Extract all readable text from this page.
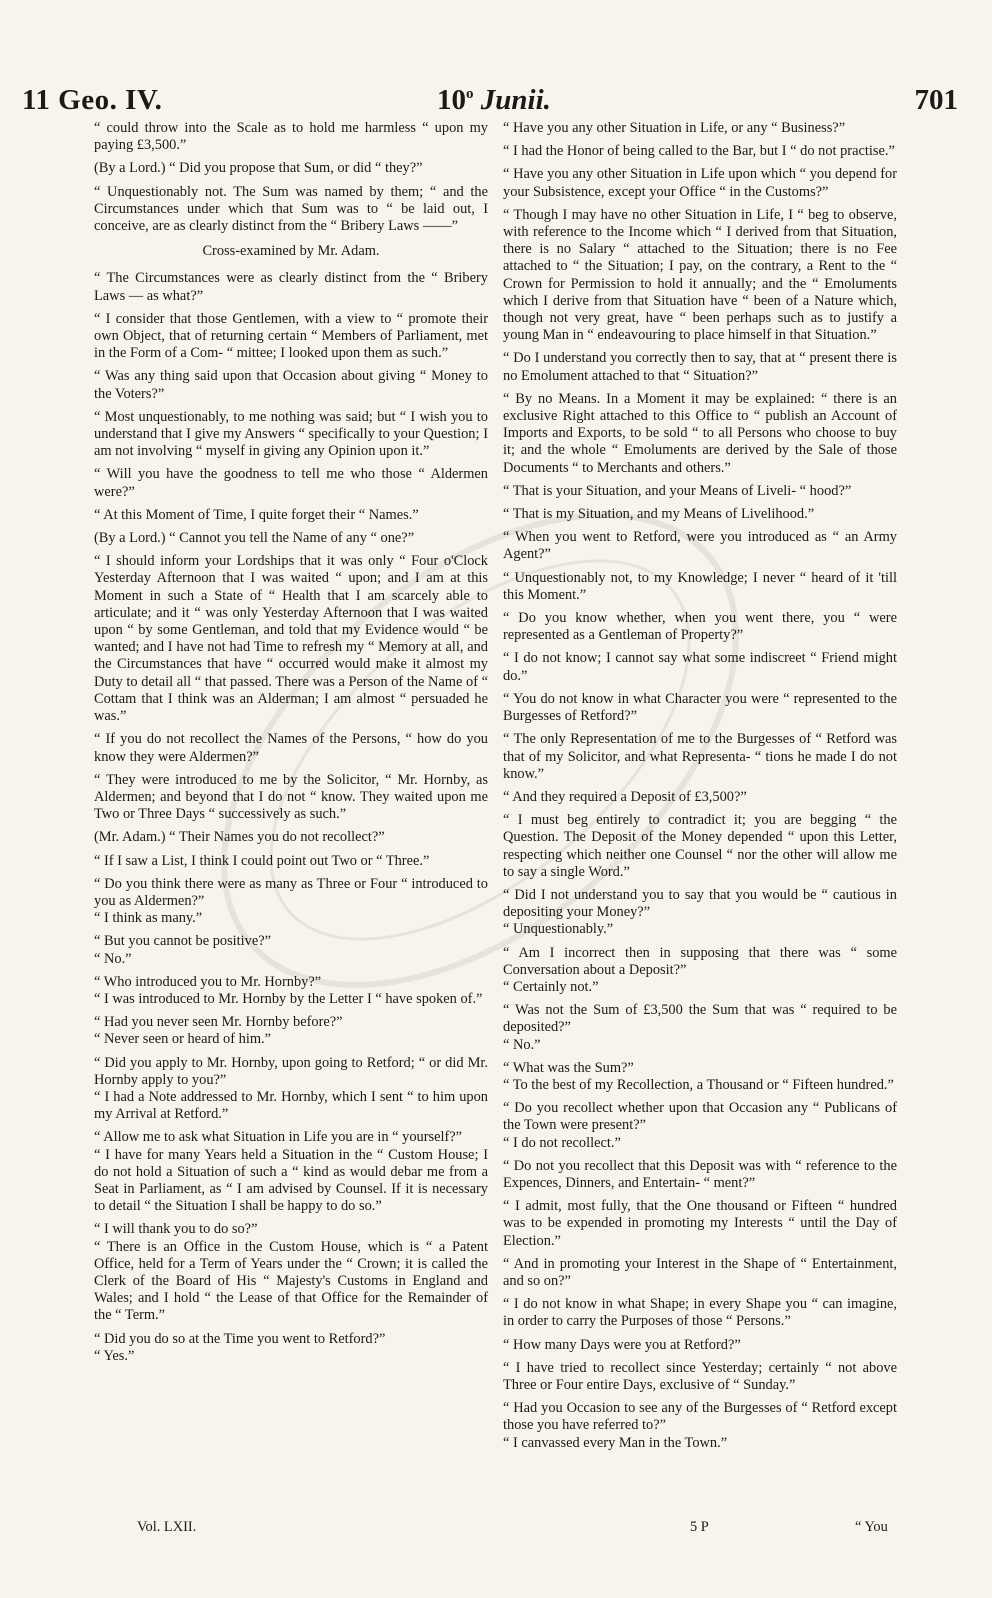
11 Geo. IV.	10$^o$ Junii.	701

“ could throw into the Scale as to hold me harmless “ upon my paying £3,500.”

(By a Lord.) “ Did you propose that Sum, or did “ they?”

“ Unquestionably not. The Sum was named by them; “ and the Circumstances under which that Sum was to “ be laid out, I conceive, are as clearly distinct from the “ Bribery Laws ——”

Cross-examined by Mr. Adam.

“ The Circumstances were as clearly distinct from the “ Bribery Laws — as what?”

“ I consider that those Gentlemen, with a view to “ promote their own Object, that of returning certain “ Members of Parliament, met in the Form of a Com- “ mittee; I looked upon them as such.”

“ Was any thing said upon that Occasion about giving “ Money to the Voters?”

“ Most unquestionably, to me nothing was said; but “ I wish you to understand that I give my Answers “ specifically to your Question; I am not involving “ myself in giving any Opinion upon it.”

“ Will you have the goodness to tell me who those “ Aldermen were?”

“ At this Moment of Time, I quite forget their “ Names.”

(By a Lord.) “ Cannot you tell the Name of any “ one?”

“ I should inform your Lordships that it was only “ Four o'Clock Yesterday Afternoon that I was waited “ upon; and I am at this Moment in such a State of “ Health that I am scarcely able to articulate; and it “ was only Yesterday Afternoon that I was waited upon “ by some Gentleman, and told that my Evidence would “ be wanted; and I have not had Time to refresh my “ Memory at all, and the Circumstances that have “ occurred would make it almost my Duty to detail all “ that passed. There was a Person of the Name of “ Cottam that I think was an Alderman; I am almost “ persuaded he was.”

“ If you do not recollect the Names of the Persons, “ how do you know they were Aldermen?”

“ They were introduced to me by the Solicitor, “ Mr. Hornby, as Aldermen; and beyond that I do not “ know. They waited upon me Two or Three Days “ successively as such.”

(Mr. Adam.) “ Their Names you do not recollect?”

“ If I saw a List, I think I could point out Two or “ Three.”

“ Do you think there were as many as Three or Four “ introduced to you as Aldermen?”

“ I think as many.”

“ But you cannot be positive?”

“ No.”

“ Who introduced you to Mr. Hornby?”

“ I was introduced to Mr. Hornby by the Letter I “ have spoken of.”

“ Had you never seen Mr. Hornby before?”

“ Never seen or heard of him.”

“ Did you apply to Mr. Hornby, upon going to Retford; “ or did Mr. Hornby apply to you?”

“ I had a Note addressed to Mr. Hornby, which I sent “ to him upon my Arrival at Retford.”

“ Allow me to ask what Situation in Life you are in “ yourself?”

“ I have for many Years held a Situation in the “ Custom House; I do not hold a Situation of such a “ kind as would debar me from a Seat in Parliament, as “ I am advised by Counsel. If it is necessary to detail “ the Situation I shall be happy to do so.”

“ I will thank you to do so?”

“ There is an Office in the Custom House, which is “ a Patent Office, held for a Term of Years under the “ Crown; it is called the Clerk of the Board of His “ Majesty's Customs in England and Wales; and I hold “ the Lease of that Office for the Remainder of the “ Term.”

“ Did you do so at the Time you went to Retford?”

“ Yes.”

“ Have you any other Situation in Life, or any “ Business?”

“ I had the Honor of being called to the Bar, but I “ do not practise.”

“ Have you any other Situation in Life upon which “ you depend for your Subsistence, except your Office “ in the Customs?”

“ Though I may have no other Situation in Life, I “ beg to observe, with reference to the Income which “ I derived from that Situation, there is no Salary “ attached to the Situation; there is no Fee attached to “ the Situation; I pay, on the contrary, a Rent to the “ Crown for Permission to hold it annually; and the “ Emoluments which I derive from that Situation have “ been of a Nature which, though not very great, have “ been perhaps such as to justify a young Man in “ endeavouring to place himself in that Situation.”

“ Do I understand you correctly then to say, that at “ present there is no Emolument attached to that “ Situation?”

“ By no Means. In a Moment it may be explained: “ there is an exclusive Right attached to this Office to “ publish an Account of Imports and Exports, to be sold “ to all Persons who choose to buy it; and the whole “ Emoluments are derived by the Sale of those Documents “ to Merchants and others.”

“ That is your Situation, and your Means of Liveli- “ hood?”

“ That is my Situation, and my Means of Livelihood.”

“ When you went to Retford, were you introduced as “ an Army Agent?”

“ Unquestionably not, to my Knowledge; I never “ heard of it 'till this Moment.”

“ Do you know whether, when you went there, you “ were represented as a Gentleman of Property?”

“ I do not know; I cannot say what some indiscreet “ Friend might do.”

“ You do not know in what Character you were “ represented to the Burgesses of Retford?”

“ The only Representation of me to the Burgesses of “ Retford was that of my Solicitor, and what Representa- “ tions he made I do not know.”

“ And they required a Deposit of £3,500?”

“ I must beg entirely to contradict it; you are begging “ the Question. The Deposit of the Money depended “ upon this Letter, respecting which neither one Counsel “ nor the other will allow me to say a single Word.”

“ Did I not understand you to say that you would be “ cautious in depositing your Money?”

“ Unquestionably.”

“ Am I incorrect then in supposing that there was “ some Conversation about a Deposit?”

“ Certainly not.”

“ Was not the Sum of £3,500 the Sum that was “ required to be deposited?”

“ No.”

“ What was the Sum?”

“ To the best of my Recollection, a Thousand or “ Fifteen hundred.”

“ Do you recollect whether upon that Occasion any “ Publicans of the Town were present?”

“ I do not recollect.”

“ Do not you recollect that this Deposit was with “ reference to the Expences, Dinners, and Entertain- “ ment?”

“ I admit, most fully, that the One thousand or Fifteen “ hundred was to be expended in promoting my Interests “ until the Day of Election.”

“ And in promoting your Interest in the Shape of “ Entertainment, and so on?”

“ I do not know in what Shape; in every Shape you “ can imagine, in order to carry the Purposes of those “ Persons.”

“ How many Days were you at Retford?”

“ I have tried to recollect since Yesterday; certainly “ not above Three or Four entire Days, exclusive of “ Sunday.”

“ Had you Occasion to see any of the Burgesses of “ Retford except those you have referred to?”

“ I canvassed every Man in the Town.”

Vol. LXII.	5 P	“ You
